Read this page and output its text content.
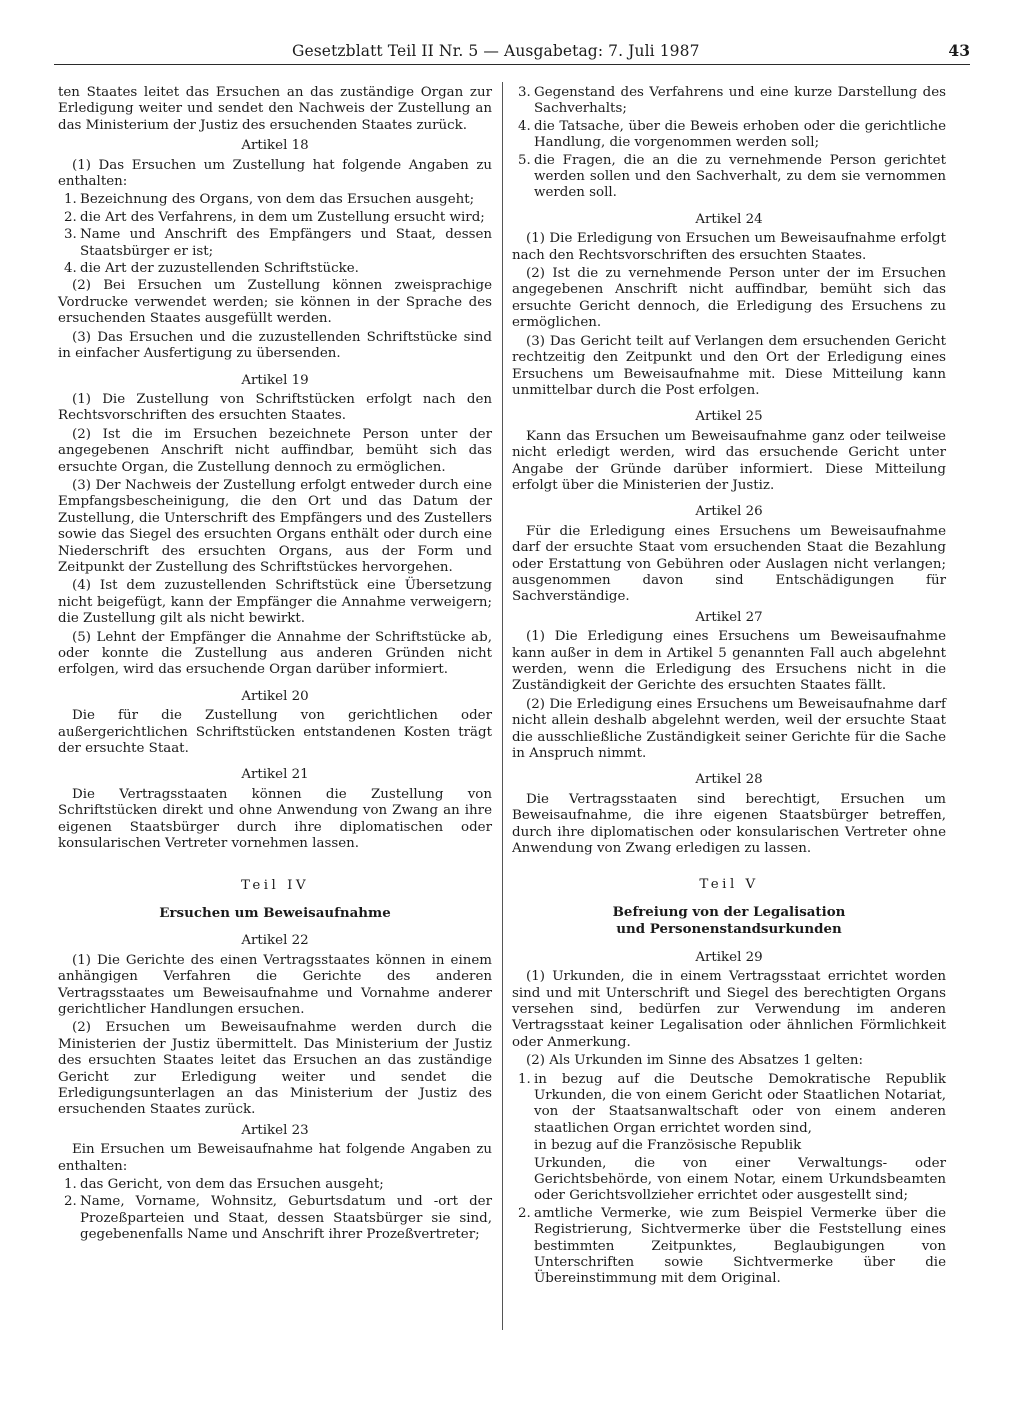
Gesetzblatt Teil II Nr. 5 — Ausgabetag: 7. Juli 1987	43

ten Staates leitet das Ersuchen an das zuständige Organ zur Erledigung weiter und sendet den Nachweis der Zustellung an das Ministerium der Justiz des ersuchenden Staates zurück.

Artikel 18

(1) Das Ersuchen um Zustellung hat folgende Angaben zu enthalten:

1. Bezeichnung des Organs, von dem das Ersuchen ausgeht;
2. die Art des Verfahrens, in dem um Zustellung ersucht wird;
3. Name und Anschrift des Empfängers und Staat, dessen Staatsbürger er ist;
4. die Art der zuzustellenden Schriftstücke.

(2) Bei Ersuchen um Zustellung können zweisprachige Vordrucke verwendet werden; sie können in der Sprache des ersuchenden Staates ausgefüllt werden.

(3) Das Ersuchen und die zuzustellenden Schriftstücke sind in einfacher Ausfertigung zu übersenden.

Artikel 19

(1) Die Zustellung von Schriftstücken erfolgt nach den Rechtsvorschriften des ersuchten Staates.

(2) Ist die im Ersuchen bezeichnete Person unter der angegebenen Anschrift nicht auffindbar, bemüht sich das ersuchte Organ, die Zustellung dennoch zu ermöglichen.

(3) Der Nachweis der Zustellung erfolgt entweder durch eine Empfangsbescheinigung, die den Ort und das Datum der Zustellung, die Unterschrift des Empfängers und des Zustellers sowie das Siegel des ersuchten Organs enthält oder durch eine Niederschrift des ersuchten Organs, aus der Form und Zeitpunkt der Zustellung des Schriftstückes hervorgehen.

(4) Ist dem zuzustellenden Schriftstück eine Übersetzung nicht beigefügt, kann der Empfänger die Annahme verweigern; die Zustellung gilt als nicht bewirkt.

(5) Lehnt der Empfänger die Annahme der Schriftstücke ab, oder konnte die Zustellung aus anderen Gründen nicht erfolgen, wird das ersuchende Organ darüber informiert.

Artikel 20

Die für die Zustellung von gerichtlichen oder außergerichtlichen Schriftstücken entstandenen Kosten trägt der ersuchte Staat.

Artikel 21

Die Vertragsstaaten können die Zustellung von Schriftstücken direkt und ohne Anwendung von Zwang an ihre eigenen Staatsbürger durch ihre diplomatischen oder konsularischen Vertreter vornehmen lassen.

Teil IV
Ersuchen um Beweisaufnahme
Artikel 22

(1) Die Gerichte des einen Vertragsstaates können in einem anhängigen Verfahren die Gerichte des anderen Vertragsstaates um Beweisaufnahme und Vornahme anderer gerichtlicher Handlungen ersuchen.

(2) Ersuchen um Beweisaufnahme werden durch die Ministerien der Justiz übermittelt. Das Ministerium der Justiz des ersuchten Staates leitet das Ersuchen an das zuständige Gericht zur Erledigung weiter und sendet die Erledigungsunterlagen an das Ministerium der Justiz des ersuchenden Staates zurück.

Artikel 23

Ein Ersuchen um Beweisaufnahme hat folgende Angaben zu enthalten:

1. das Gericht, von dem das Ersuchen ausgeht;
2. Name, Vorname, Wohnsitz, Geburtsdatum und -ort der Prozeßparteien und Staat, dessen Staatsbürger sie sind, gegebenenfalls Name und Anschrift ihrer Prozeßvertreter;
3. Gegenstand des Verfahrens und eine kurze Darstellung des Sachverhalts;
4. die Tatsache, über die Beweis erhoben oder die gerichtliche Handlung, die vorgenommen werden soll;
5. die Fragen, die an die zu vernehmende Person gerichtet werden sollen und den Sachverhalt, zu dem sie vernommen werden soll.
Artikel 24

(1) Die Erledigung von Ersuchen um Beweisaufnahme erfolgt nach den Rechtsvorschriften des ersuchten Staates.

(2) Ist die zu vernehmende Person unter der im Ersuchen angegebenen Anschrift nicht auffindbar, bemüht sich das ersuchte Gericht dennoch, die Erledigung des Ersuchens zu ermöglichen.

(3) Das Gericht teilt auf Verlangen dem ersuchenden Gericht rechtzeitig den Zeitpunkt und den Ort der Erledigung eines Ersuchens um Beweisaufnahme mit. Diese Mitteilung kann unmittelbar durch die Post erfolgen.

Artikel 25

Kann das Ersuchen um Beweisaufnahme ganz oder teilweise nicht erledigt werden, wird das ersuchende Gericht unter Angabe der Gründe darüber informiert. Diese Mitteilung erfolgt über die Ministerien der Justiz.

Artikel 26

Für die Erledigung eines Ersuchens um Beweisaufnahme darf der ersuchte Staat vom ersuchenden Staat die Bezahlung oder Erstattung von Gebühren oder Auslagen nicht verlangen; ausgenommen davon sind Entschädigungen für Sachverständige.

Artikel 27

(1) Die Erledigung eines Ersuchens um Beweisaufnahme kann außer in dem in Artikel 5 genannten Fall auch abgelehnt werden, wenn die Erledigung des Ersuchens nicht in die Zuständigkeit der Gerichte des ersuchten Staates fällt.

(2) Die Erledigung eines Ersuchens um Beweisaufnahme darf nicht allein deshalb abgelehnt werden, weil der ersuchte Staat die ausschließliche Zuständigkeit seiner Gerichte für die Sache in Anspruch nimmt.

Artikel 28

Die Vertragsstaaten sind berechtigt, Ersuchen um Beweisaufnahme, die ihre eigenen Staatsbürger betreffen, durch ihre diplomatischen oder konsularischen Vertreter ohne Anwendung von Zwang erledigen zu lassen.

Teil V
Befreiung von der Legalisation
und Personenstandsurkunden
Artikel 29

(1) Urkunden, die in einem Vertragsstaat errichtet worden sind und mit Unterschrift und Siegel des berechtigten Organs versehen sind, bedürfen zur Verwendung im anderen Vertragsstaat keiner Legalisation oder ähnlichen Förmlichkeit oder Anmerkung.

(2) Als Urkunden im Sinne des Absatzes 1 gelten:

1. in bezug auf die Deutsche Demokratische Republik Urkunden, die von einem Gericht oder Staatlichen Notariat, von der Staatsanwaltschaft oder von einem anderen staatlichen Organ errichtet worden sind,
in bezug auf die Französische Republik
Urkunden, die von einer Verwaltungs- oder Gerichtsbehörde, von einem Notar, einem Urkundsbeamten oder Gerichtsvollzieher errichtet oder ausgestellt sind;
2. amtliche Vermerke, wie zum Beispiel Vermerke über die Registrierung, Sichtvermerke über die Feststellung eines bestimmten Zeitpunktes, Beglaubigungen von Unterschriften sowie Sichtvermerke über die Übereinstimmung mit dem Original.
